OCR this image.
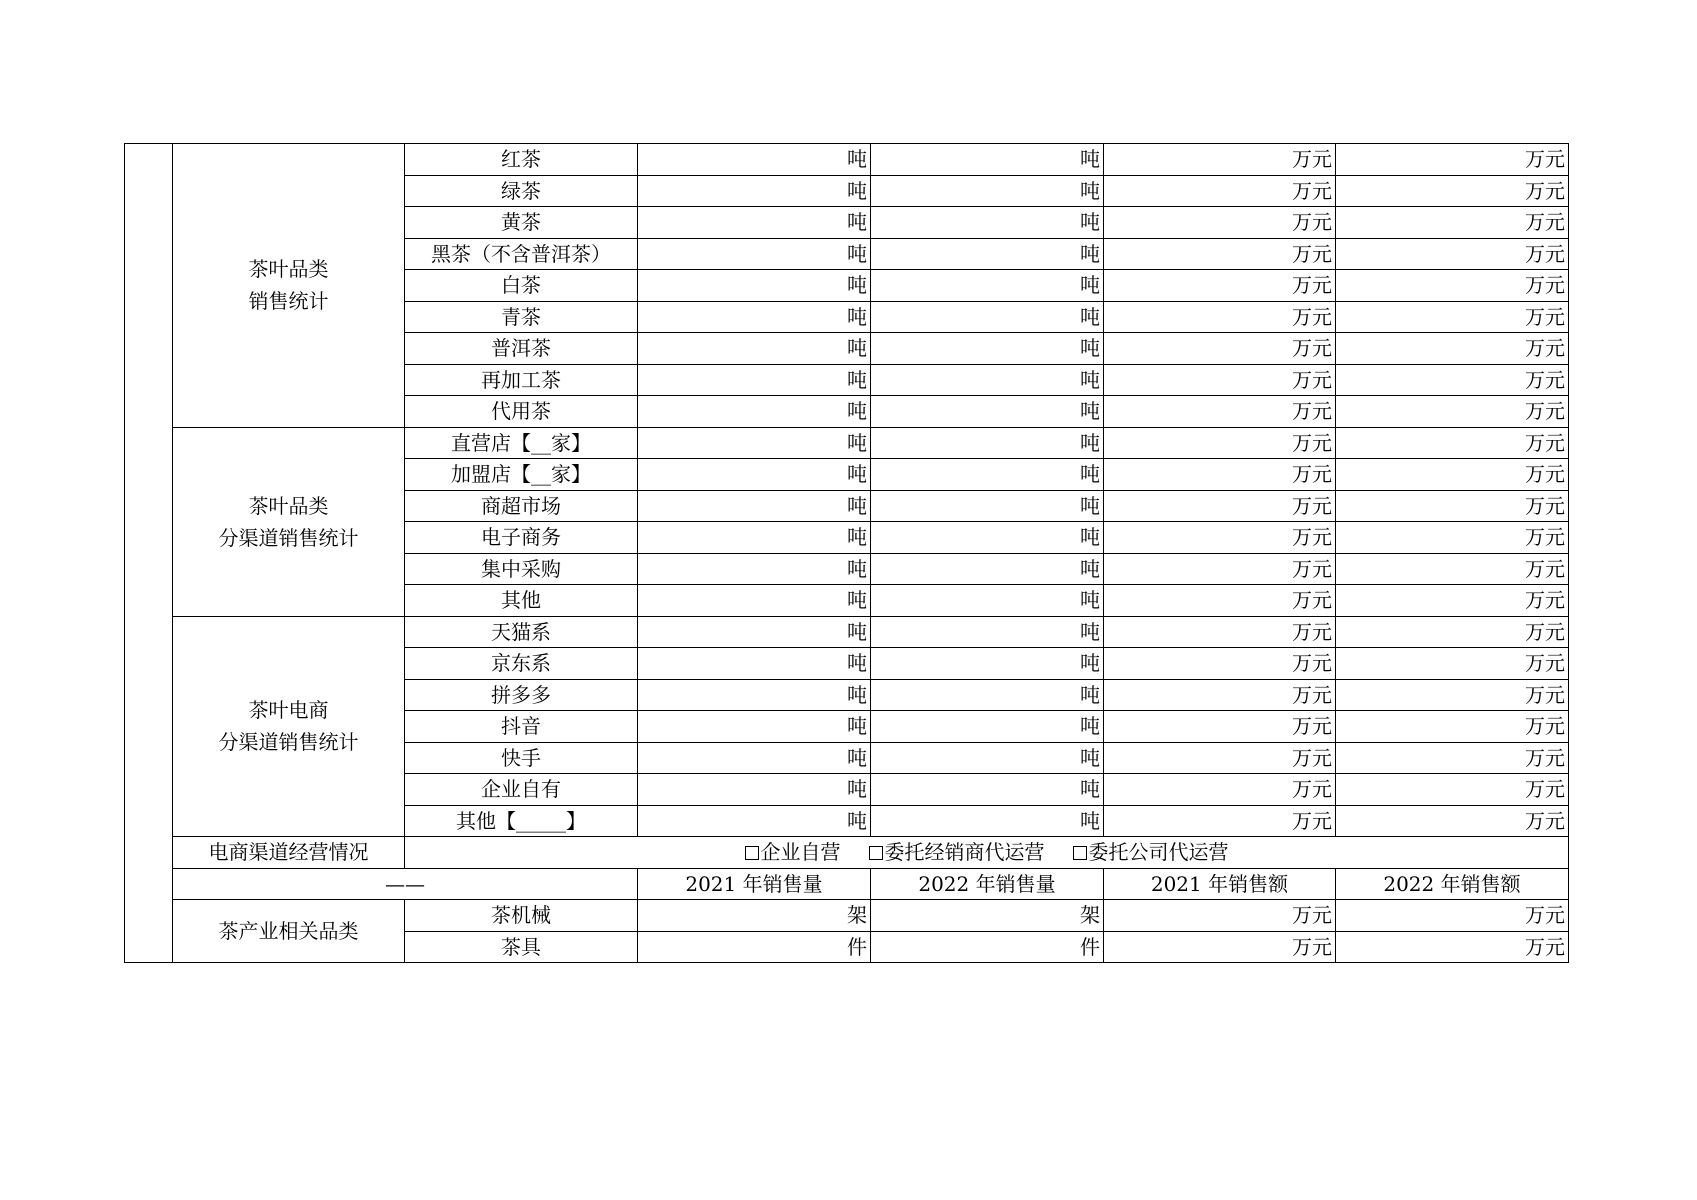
	茶叶品类
销售统计	红茶	吨	吨	万元	万元
		绿茶	吨	吨	万元	万元
		黄茶	吨	吨	万元	万元
		黑茶（不含普洱茶）	吨	吨	万元	万元
		白茶	吨	吨	万元	万元
		青茶	吨	吨	万元	万元
		普洱茶	吨	吨	万元	万元
		再加工茶	吨	吨	万元	万元
		代用茶	吨	吨	万元	万元

	茶叶品类
分渠道销售统计	直营店【__家】	吨	吨	万元	万元
		加盟店【__家】	吨	吨	万元	万元
		商超市场	吨	吨	万元	万元
		电子商务	吨	吨	万元	万元
		集中采购	吨	吨	万元	万元
		其他	吨	吨	万元	万元

	茶叶电商
分渠道销售统计	天猫系	吨	吨	万元	万元
		京东系	吨	吨	万元	万元
		拼多多	吨	吨	万元	万元
		抖音	吨	吨	万元	万元
		快手	吨	吨	万元	万元
		企业自有	吨	吨	万元	万元
		其他【_____】	吨	吨	万元	万元
	电商渠道经营情况	企业自营 委托经销商代运营 委托公司代运营				
	——		2021 年销售量	2022 年销售量	2021 年销售额	2022 年销售额
	茶产业相关品类	茶机械	架	架	万元	万元
		茶具	件	件	万元	万元
